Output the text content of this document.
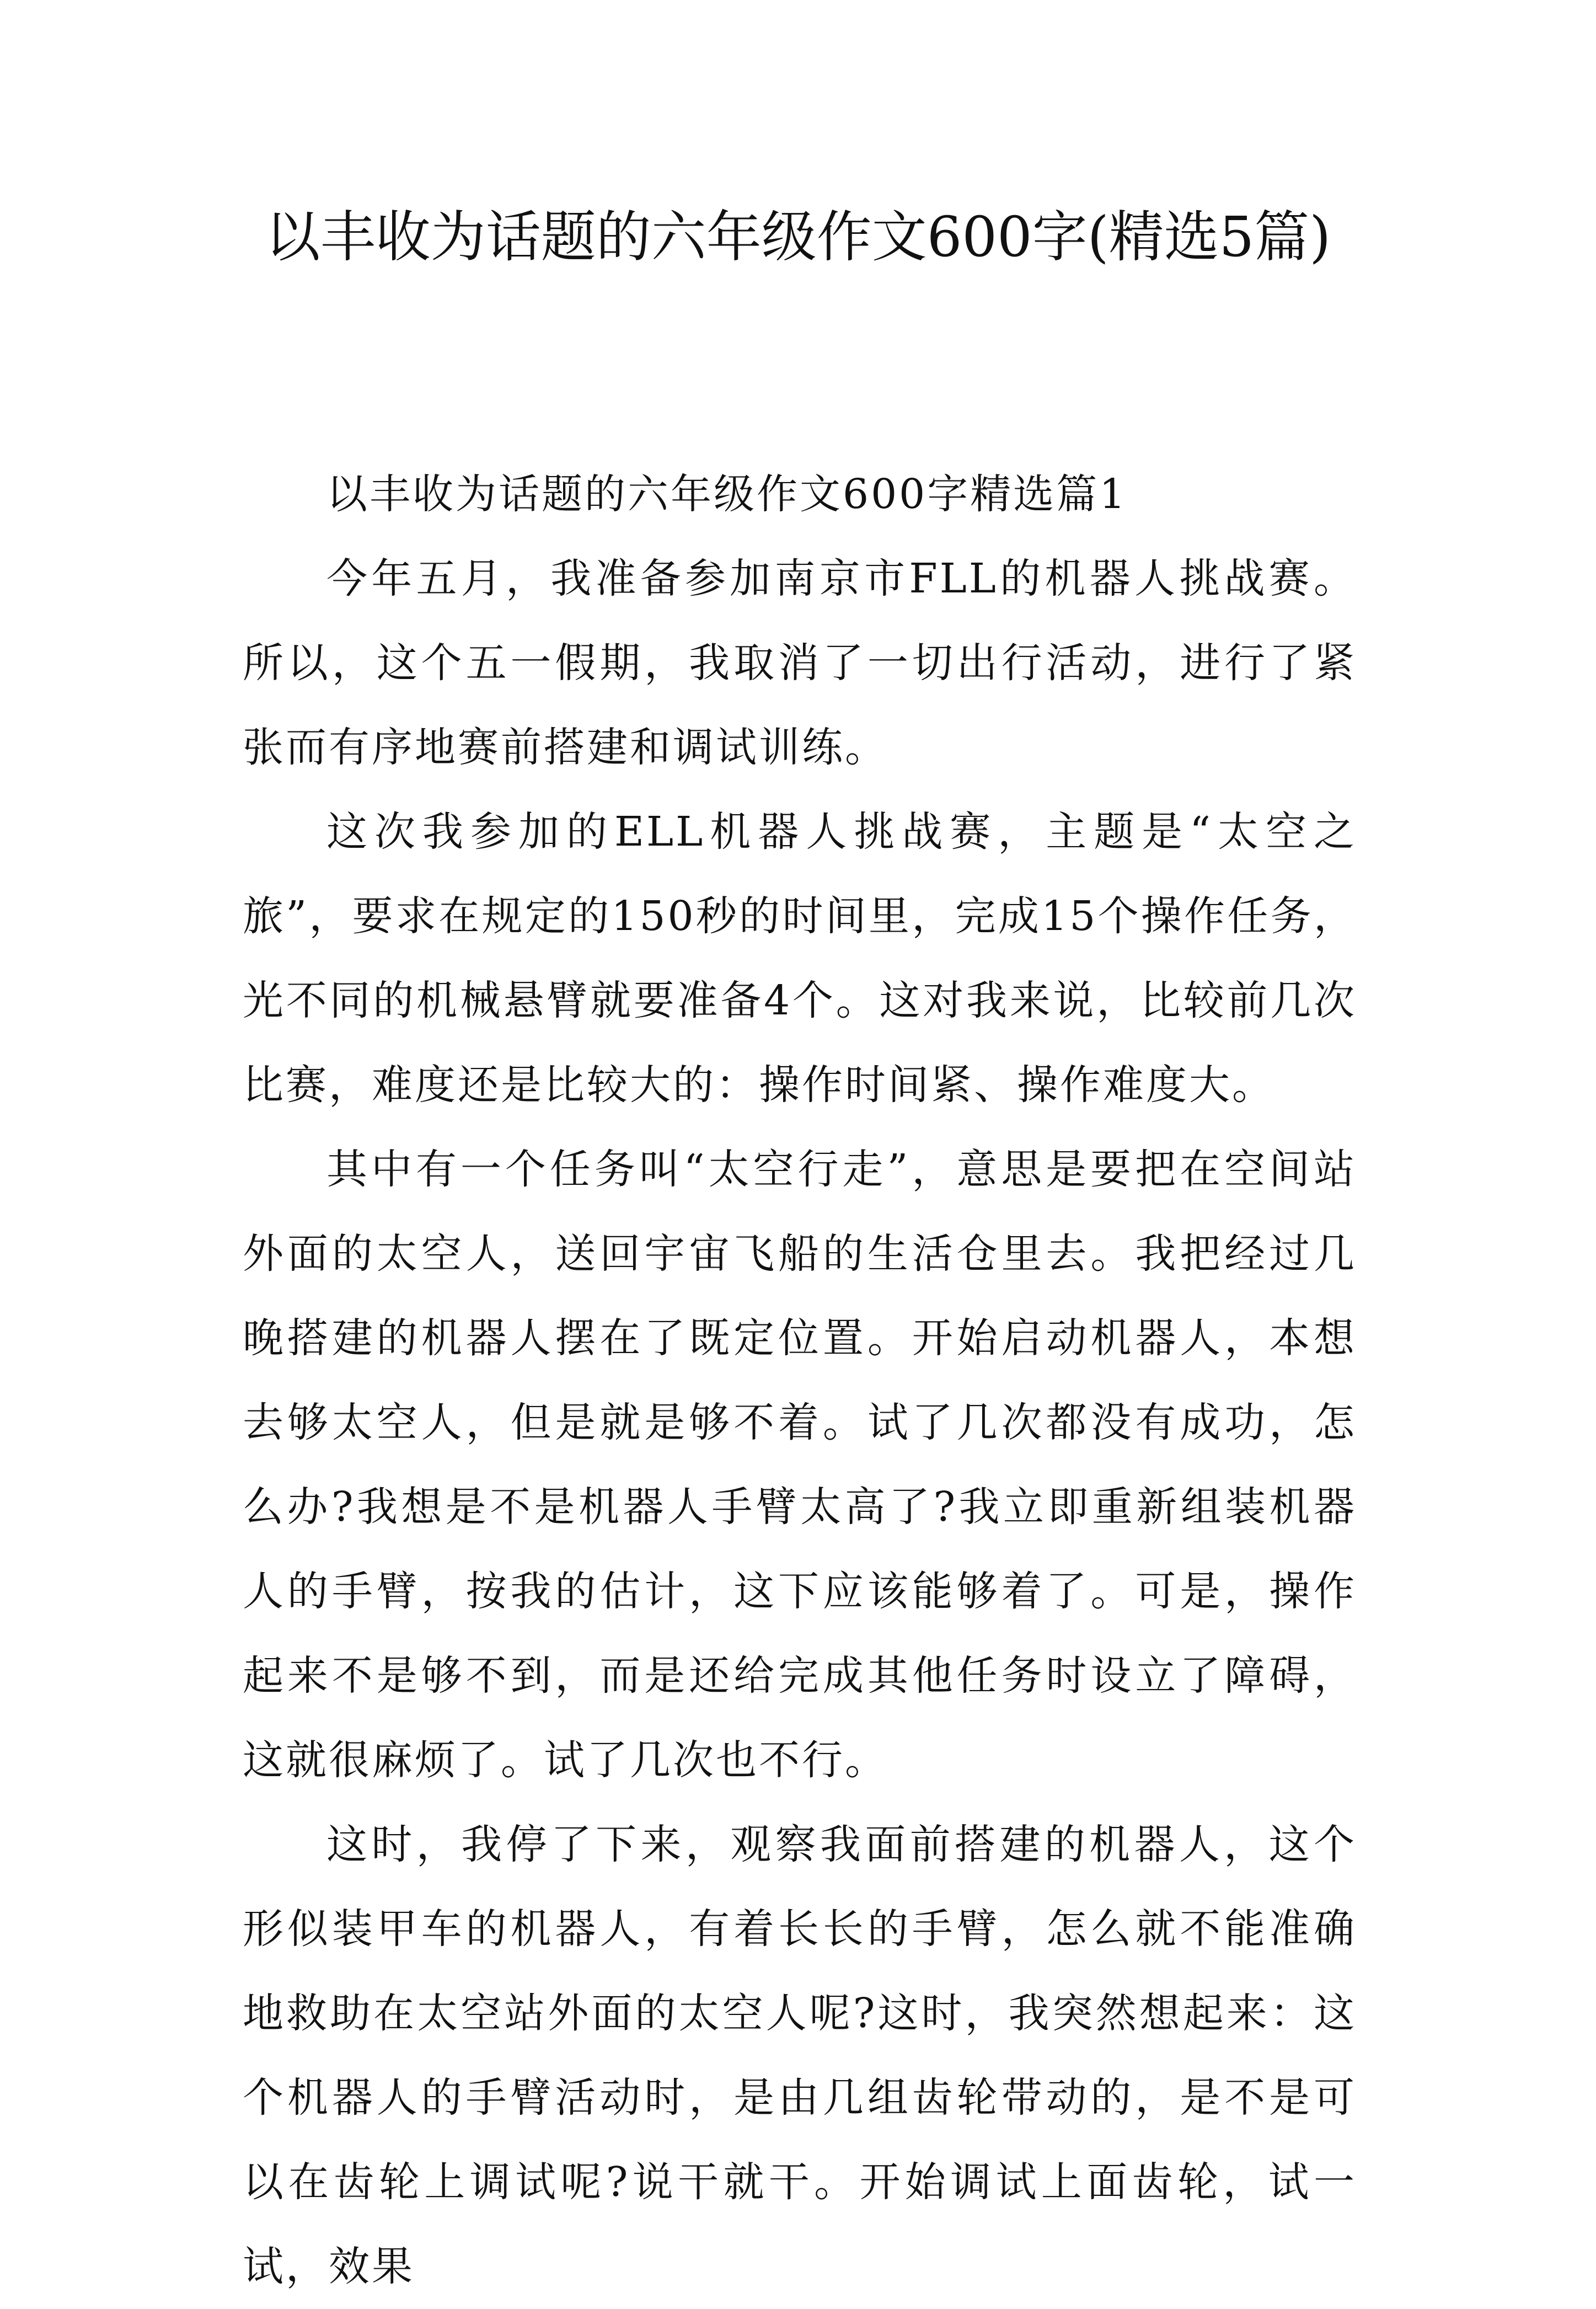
以丰收为话题的六年级作文600字(精选5篇)

以丰收为话题的六年级作文600字精选篇1

今年五月，我准备参加南京市FLL的机器人挑战赛。所以，这个五一假期，我取消了一切出行活动，进行了紧张而有序地赛前搭建和调试训练。

这次我参加的ELL机器人挑战赛，主题是“太空之旅”，要求在规定的150秒的时间里，完成15个操作任务，光不同的机械悬臂就要准备4个。这对我来说，比较前几次比赛，难度还是比较大的：操作时间紧、操作难度大。

其中有一个任务叫“太空行走”，意思是要把在空间站外面的太空人，送回宇宙飞船的生活仓里去。我把经过几晚搭建的机器人摆在了既定位置。开始启动机器人，本想去够太空人，但是就是够不着。试了几次都没有成功，怎么办?我想是不是机器人手臂太高了?我立即重新组装机器人的手臂，按我的估计，这下应该能够着了。可是，操作起来不是够不到，而是还给完成其他任务时设立了障碍，这就很麻烦了。试了几次也不行。

这时，我停了下来，观察我面前搭建的机器人，这个形似装甲车的机器人，有着长长的手臂，怎么就不能准确地救助在太空站外面的太空人呢?这时，我突然想起来：这个机器人的手臂活动时，是由几组齿轮带动的，是不是可以在齿轮上调试呢?说干就干。开始调试上面齿轮，试一试，效果
